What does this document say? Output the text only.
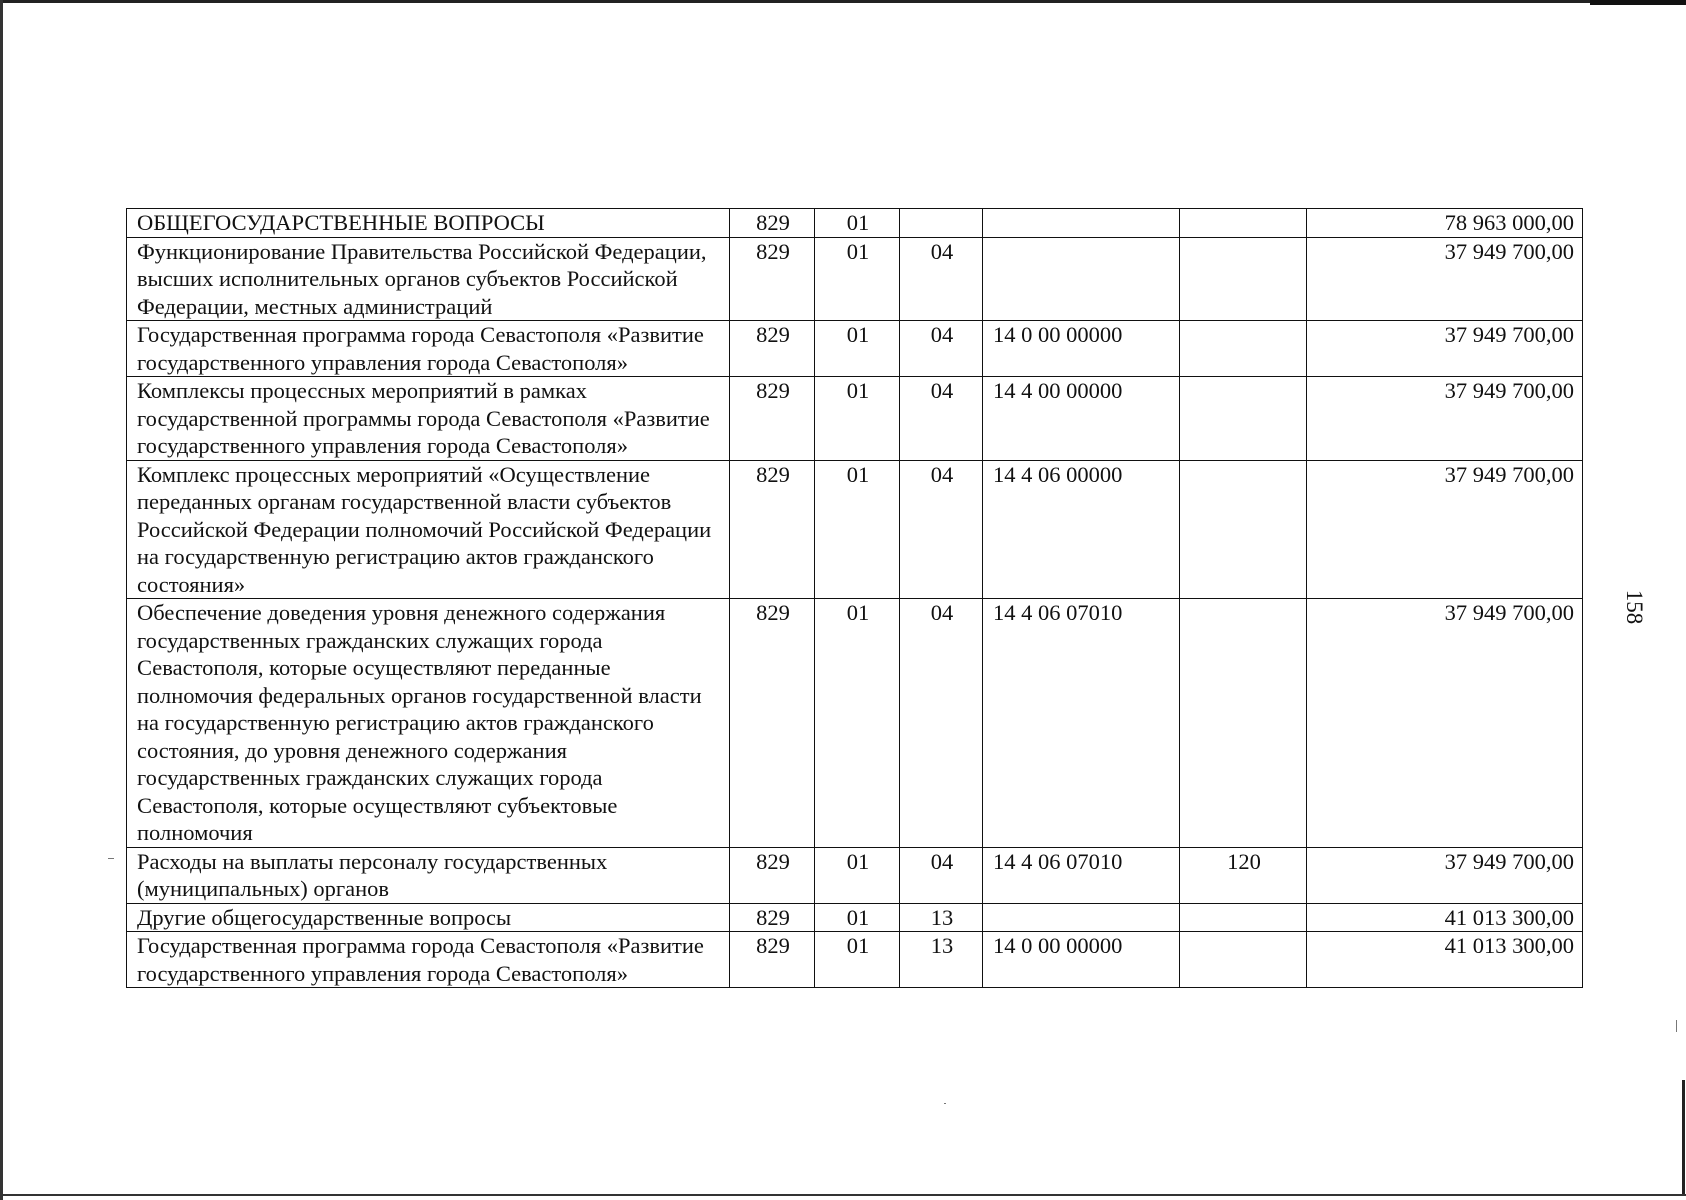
ОБЩЕГОСУДАРСТВЕННЫЕ ВОПРОСЫ	829	01				78 963 000,00
Функционирование Правительства Российской Федерации, высших исполнительных органов субъектов Российской Федерации, местных администраций	829	01	04			37 949 700,00
Государственная программа города Севастополя «Развитие государственного управления города Севастополя»	829	01	04	14 0 00 00000		37 949 700,00
Комплексы процессных мероприятий в рамках государственной программы города Севастополя «Развитие государственного управления города Севастополя»	829	01	04	14 4 00 00000		37 949 700,00
Комплекс процессных мероприятий «Осуществление переданных органам государственной власти субъектов Российской Федерации полномочий Российской Федерации на государственную регистрацию актов гражданского состояния»	829	01	04	14 4 06 00000		37 949 700,00
Обеспечение доведения уровня денежного содержания государственных гражданских служащих города Севастополя, которые осуществляют переданные полномочия федеральных органов государственной власти на государственную регистрацию актов гражданского состояния, до уровня денежного содержания государственных гражданских служащих города Севастополя, которые осуществляют субъектовые полномочия	829	01	04	14 4 06 07010		37 949 700,00
Расходы на выплаты персоналу государственных (муниципальных) органов	829	01	04	14 4 06 07010	120	37 949 700,00
Другие общегосударственные вопросы	829	01	13			41 013 300,00
Государственная программа города Севастополя «Развитие государственного управления города Севастополя»	829	01	13	14 0 00 00000		41 013 300,00
158
